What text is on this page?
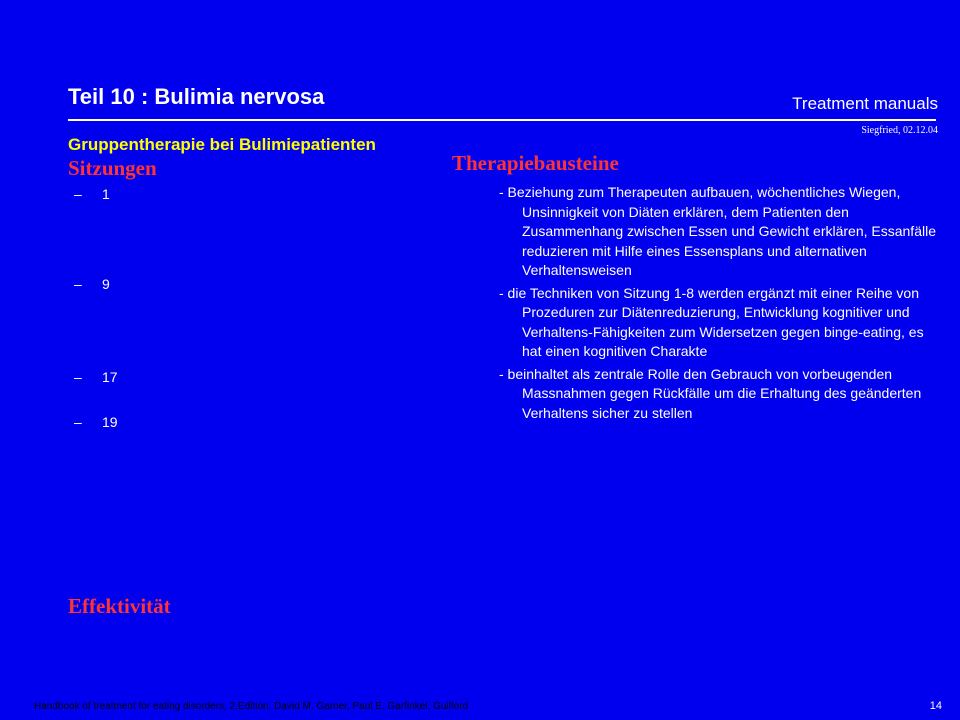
Teil 10 : Bulimia nervosa	Treatment manuals
Siegfried, 02.12.04
Gruppentherapie bei Bulimiepatienten
Sitzungen
– 1
– 9
– 17
– 19
Therapiebausteine
- Beziehung zum Therapeuten aufbauen, wöchentliches Wiegen, Unsinnigkeit von Diäten erklären, dem Patienten den Zusammenhang zwischen Essen und Gewicht erklären, Essanfälle reduzieren mit Hilfe eines Essensplans und alternativen Verhaltensweisen
- die Techniken von Sitzung 1-8 werden ergänzt mit einer Reihe von Prozeduren zur Diätenreduzierung, Entwicklung kognitiver und Verhaltens-Fähigkeiten zum Widersetzen gegen binge-eating, es hat einen kognitiven Charakte
- beinhaltet als zentrale Rolle den Gebrauch von vorbeugenden Massnahmen gegen Rückfälle um die Erhaltung des geänderten Verhaltens sicher zu stellen
Effektivität
Handbook of treatment for eating disorders, 2.Edition, David M. Garner, Paul E. Garfinkel, Guilford	14
